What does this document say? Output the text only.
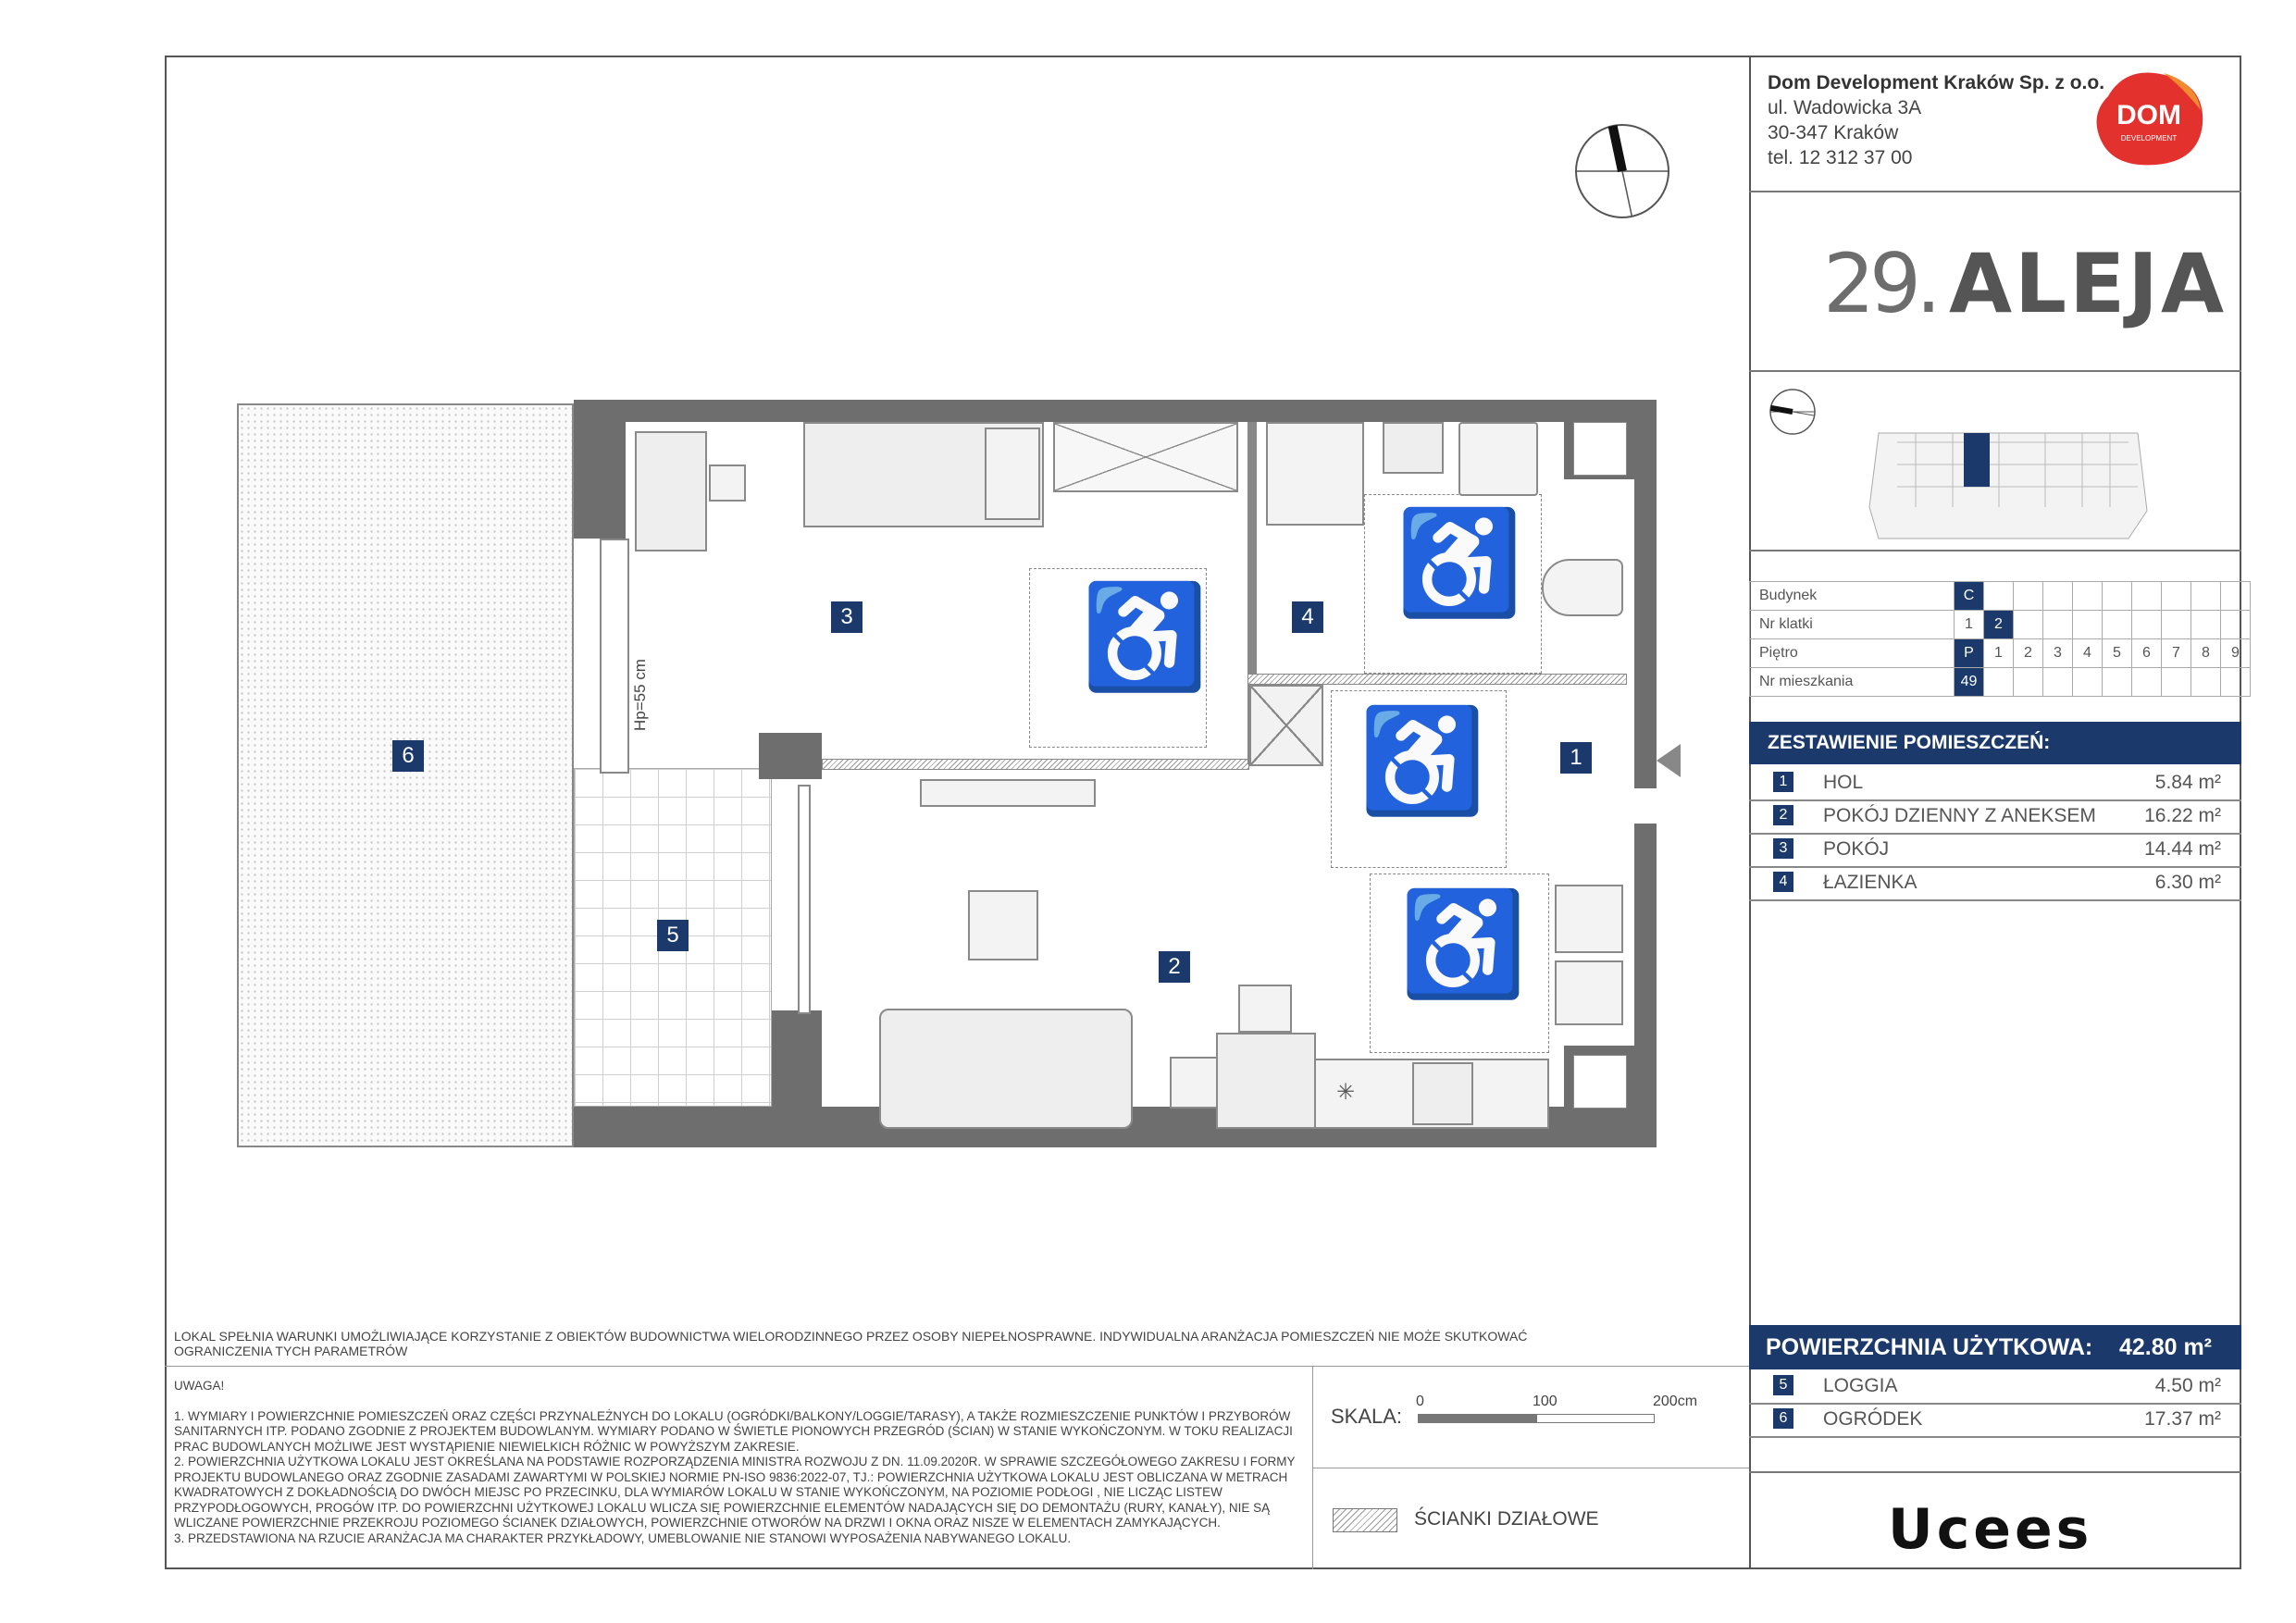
♿
♿
♿
✳
♿
Hp=55 cm
1
2
3	4
5
6
Dom Development Kraków Sp. z o.o.
ul. Wadowicka 3A
30-347 Kraków
tel. 12 312 37 00
DOM
DEVELOPMENT
29. ALEJA
Budynek	C									
Nr klatki	1	2								
Piętro	P	1	2	3	4	5	6	7	8	9
Nr mieszkania	49									
ZESTAWIENIE POMIESZCZEŃ:
1	HOL	5.84 m²
2	POKÓJ DZIENNY Z ANEKSEM 16.22 m²
3	POKÓJ	14.44 m²
4	ŁAZIENKA	6.30 m²
POWIERZCHNIA UŻYTKOWA: 42.80 m²
5	LOGGIA	4.50 m²
6	OGRÓDEK	17.37 m²
Ucees
LOKAL SPEŁNIA WARUNKI UMOŻLIWIAJĄCE KORZYSTANIE Z OBIEKTÓW BUDOWNICTWA WIELORODZINNEGO PRZEZ OSOBY NIEPEŁNOSPRAWNE. INDYWIDUALNA ARANŻACJA POMIESZCZEŃ NIE MOŻE SKUTKOWAĆ OGRANICZENIA TYCH PARAMETRÓW
UWAGA!
1. WYMIARY I POWIERZCHNIE POMIESZCZEŃ ORAZ CZĘŚCI PRZYNALEŻNYCH DO LOKALU (OGRÓDKI/BALKONY/LOGGIE/TARASY), A TAKŻE ROZMIESZCZENIE PUNKTÓW I PRZYBORÓW SANITARNYCH ITP. PODANO ZGODNIE Z PROJEKTEM BUDOWLANYM. WYMIARY PODANO W ŚWIETLE PIONOWYCH PRZEGRÓD (ŚCIAN) W STANIE WYKOŃCZONYM. W TOKU REALIZACJI PRAC BUDOWLANYCH MOŻLIWE JEST WYSTĄPIENIE NIEWIELKICH RÓŻNIC W POWYŻSZYM ZAKRESIE.
2. POWIERZCHNIA UŻYTKOWA LOKALU JEST OKREŚLANA NA PODSTAWIE ROZPORZĄDZENIA MINISTRA ROZWOJU Z DN. 11.09.2020R. W SPRAWIE SZCZEGÓŁOWEGO ZAKRESU I FORMY PROJEKTU BUDOWLANEGO ORAZ ZGODNIE ZASADAMI ZAWARTYMI W POLSKIEJ NORMIE PN-ISO 9836:2022-07, TJ.: POWIERZCHNIA UŻYTKOWA LOKALU JEST OBLICZANA W METRACH KWADRATOWYCH Z DOKŁADNOŚCIĄ DO DWÓCH MIEJSC PO PRZECINKU, DLA WYMIARÓW LOKALU W STANIE WYKOŃCZONYM, NA POZIOMIE PODŁOGI , NIE LICZĄC LISTEW PRZYPODŁOGOWYCH, PROGÓW ITP. DO POWIERZCHNI UŻYTKOWEJ LOKALU WLICZA SIĘ POWIERZCHNIE ELEMENTÓW NADAJĄCYCH SIĘ DO DEMONTAŻU (RURY, KANAŁY), NIE SĄ WLICZANE POWIERZCHNIE PRZEKROJU POZIOMEGO ŚCIANEK DZIAŁOWYCH, POWIERZCHNIE OTWORÓW NA DRZWI I OKNA ORAZ NISZE W ELEMENTACH ZAMYKAJĄCYCH.
3. PRZEDSTAWIONA NA RZUCIE ARANŻACJA MA CHARAKTER PRZYKŁADOWY, UMEBLOWANIE NIE STANOWI WYPOSAŻENIA NABYWANEGO LOKALU.
SKALA:
0	100	200cm
ŚCIANKI DZIAŁOWE
